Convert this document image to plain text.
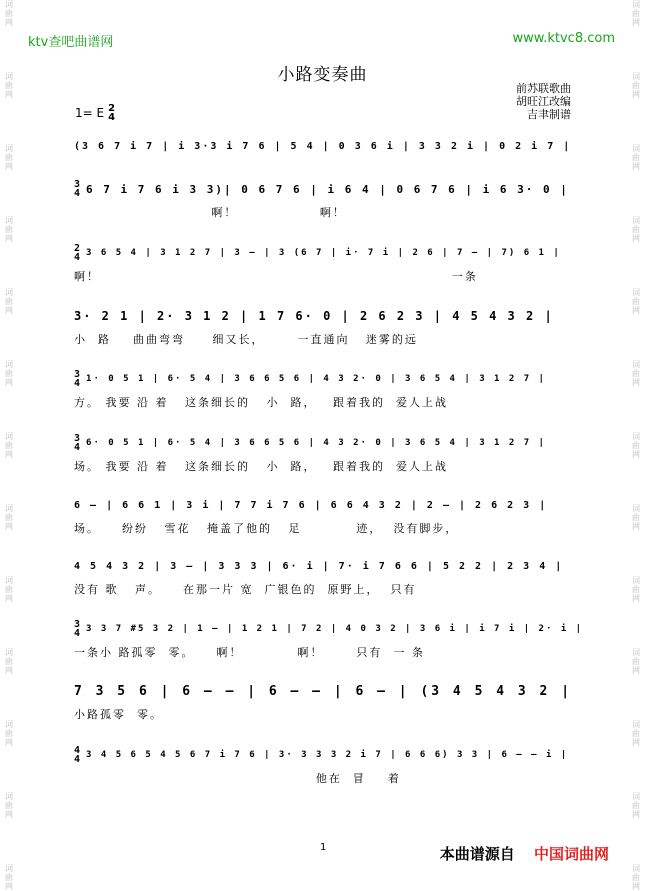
词
曲
网
词
曲
网
词
曲
网
词
曲
网
词
曲
网
词
曲
网
词
曲
网
词
曲
网
词
曲
网
词
曲
网
词
曲
网
词
曲
网
词
曲
网
词
曲
网
词
曲
网
词
曲
网
词
曲
网
词
曲
网
词
曲
网
词
曲
网
词
曲
网
词
曲
网
词
曲
网
词
曲
网
词
曲
网
词
曲
网
ktv查吧曲谱网	www.ktvc8.com
小路变奏曲
前苏联歌曲
胡旺江改编
吉聿制谱
1= E 2
4
(3 6 7 i 7 | i 3·3 i 7 6 | 5 4 | 0 3 6 i | 3 3 2 i | 0 2 i 7 |
3
4 6 7 i 7 6 i 3 3)| 0 6 7 6 | i 6 4 | 0 6 7 6 | i 6 3· 0 |
啊！               啊！
2
4 3 6 5 4 | 3 1 2 7 | 3 – | 3 (6 7 | i· 7 i | 2 6 | 7 – | 7) 6 1 |
啊！                                                                一条
3· 2 1 | 2· 3 1 2 | 1 7 6· 0 | 2 6 2 3 | 4 5 4 3 2 |
小  路    曲曲弯弯     细又长，      一直通向   迷雾的远
3
4 1· 0 5 1 | 6· 5 4 | 3 6 6 5 6 | 4 3 2· 0 | 3 6 5 4 | 3 1 2 7 |
方。 我要 沿 着   这条细长的   小  路，   跟着我的  爱人上战
3
4 6· 0 5 1 | 6· 5 4 | 3 6 6 5 6 | 4 3 2· 0 | 3 6 5 4 | 3 1 2 7 |
场。 我要 沿 着   这条细长的   小  路，   跟着我的  爱人上战
6 – | 6 6 1 | 3 i | 7 7 i 7 6 | 6 6 4 3 2 | 2 – | 2 6 2 3 |
场。    纷纷   雪花   掩盖了他的   足          迹，  没有脚步，
4 5 4 3 2 | 3 – | 3 3 3 | 6· i | 7· i 7 6 6 | 5 2 2 | 2 3 4 |
没有 歌   声。    在那一片 宽  广银色的  原野上，  只有
3
4 3 3 7 #5 3 2 | 1 – | 1 2 1 | 7 2 | 4 0 3 2 | 3 6 i | i 7 i | 2· i |
一条小 路孤零  零。    啊！          啊！      只有  一 条
7 3 5 6 | 6 – – | 6 – – | 6 – | (3 4 5 4 3 2 |
小路孤零  零。
4
4 3 4 5 6 5 4 5 6 7 i 7 6 | 3· 3 3 3 2 i 7 | 6 6 6) 3 3 | 6 – – i |
他在  冒    着
1	本曲谱源自 中国词曲网
